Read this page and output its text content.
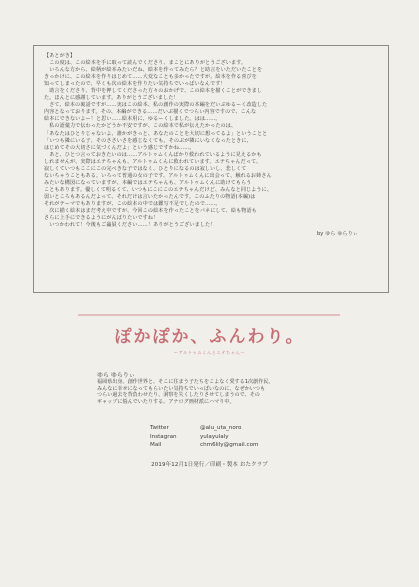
【あとがき】
　この度は、この絵本を手に取って読んでくださり、まことにありがとうございます。
　いろんな方から、絵柄が絵本みたいだね、絵本を作ってみたら？と助言をいただいたことを
きっかけに、この絵本を作りはじめて……大変なことも多かったですが、絵本を作る喜びを
知ってしまったので、早くも次の絵本を作りたい気持ちでいっぱいなんです！
　助言をくださり、背中を押してくださった方々のおかげで、この絵本を描くことができまし
た。ほんとに感謝しています。ありがとうございました！
　さて、絵本の裏話ですが……実はこの絵本、私の創作の実際の本編をだいぶゆるーく改造した
内容となっております。その、本編ができる……だいぶ描くでつらい内容ですので、こんな
絵本にできないよー！と思い……絵本用に、ゆるーくしました。はは……。
　私の語彙力で伝わったかどうか不安ですが、この絵本で私が伝えたかったのは、
「あなたはひとりじゃないよ、誰かがきっと、あなたのことを大切に想ってるよ」ということと
「いつも隣にいる子、そのささいさを感じなくても、そのぶが隣にいなくなったときに、
はじめてその大切さに気づくんだよ」という感じですかね……。
　あと、ひとつ言っておきたいのは……アルトゥムくんばかり救われているように見えるかも
しれませんが、実際はエテちゃんも、アルトゥムくんに救われています。エテちゃんだって、
寂しくていつもここにこの完べきな子ではなく、ひとりになるのは寂しいし、悲しくて
ないちゃうこともある。いろって普通の女の子です。アルトゥムくんに出会って、触れるお姉さん
みたいな構図になっていますが、本編ではエテちゃんも、アルトゥムくんに助けてもらう
こともあります。優しくて明るくて、いつもにこにこのエテちゃんだけど、みんなと同じように、
弱いところもあるんだよって、それだけは言いたかったんです。このふたりの物語(本編)は
それがテーマでもありますが、この絵本の中では鑑写不足でしたので……。
　次に描く絵本はまだ考え中ですが、今回この絵本を作ったことをバネにして、絵も物語も
さらに上手にできるようにがんばりたいですね！
　いつかわれて！今後もご贔屓ください……！ありがとうございました！
by ゆら ゆらりぃ
ぽかぽか、ふんわり。
〜アルトゥムくんとエテちゃん〜
ゆら ゆらりぃ
福岡県出身。創作世界と、そこに住まう子たちをこよなく愛する1次創作民。
みんなに幸せになってもらいたい気持ちでいっぱいなのに、なぜかいつも
つらい過去を背負わせたり、洞察を失くしたりさせてしまうので、その
ギャップに悩んでいたりする。アナログ画材派にハマり中。
Twitter	@alu_uta_noro
Instagran	yulayulaly
Mail	chm6lily@gmail.com
2019年12月1日発行／印刷・製本 おたクラブ
